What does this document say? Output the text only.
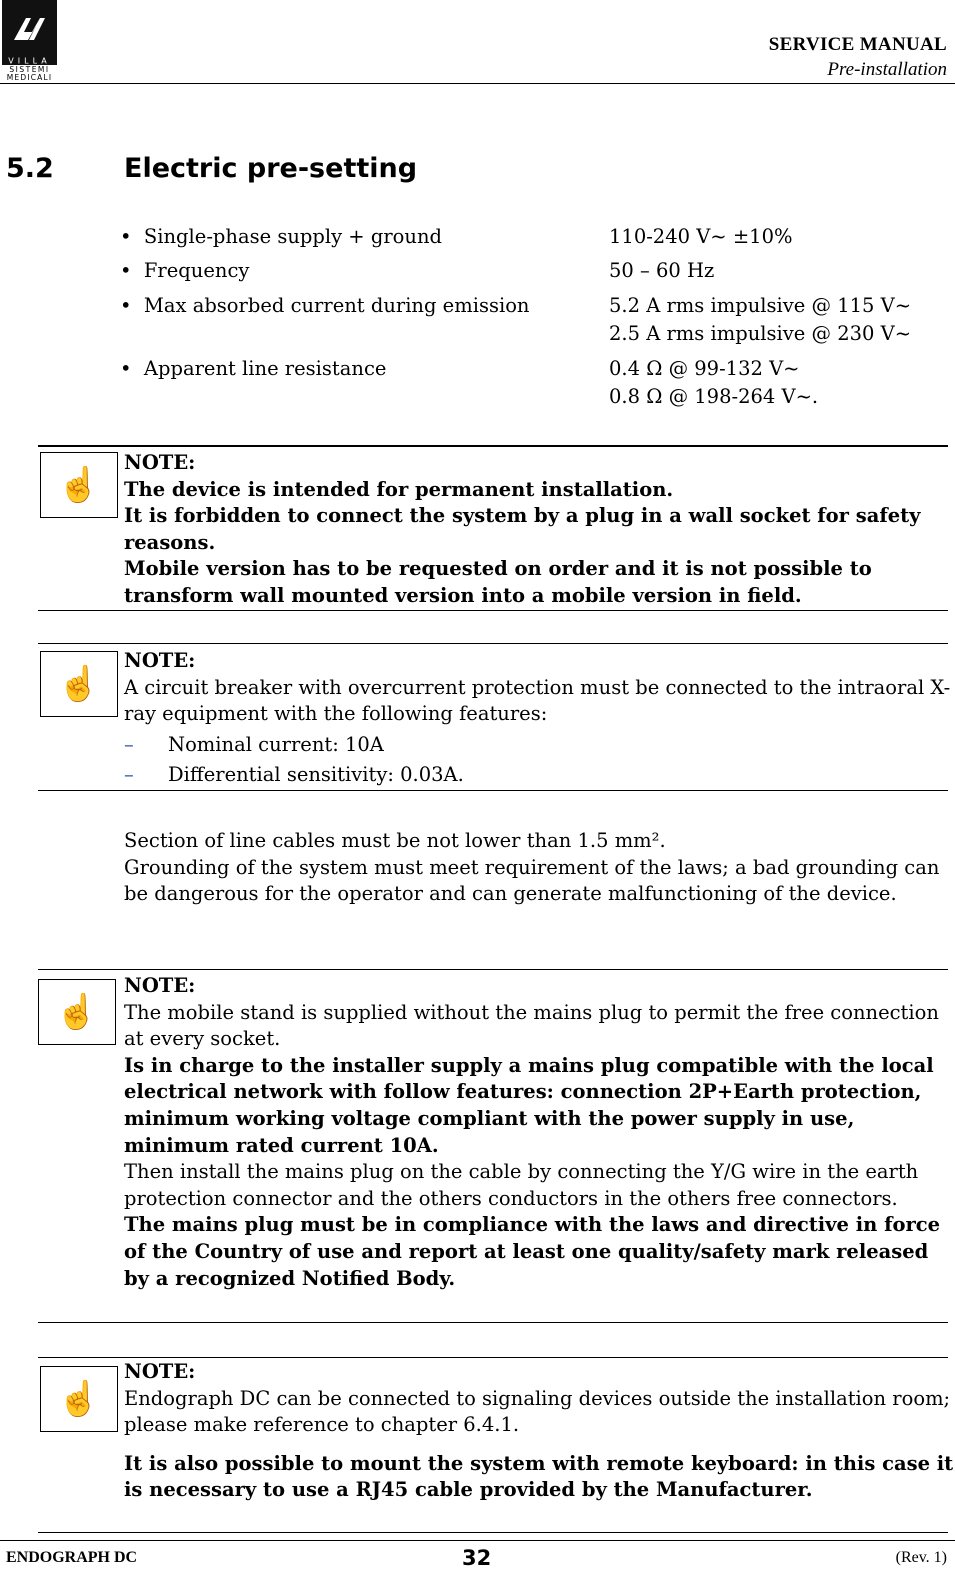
VILLA
SISTEMI
MEDICALI
SERVICE MANUAL
Pre-installation
5.2	Electric pre-setting
•  Single-phase supply + ground	110-240 V~ ±10%
•  Frequency	50 – 60 Hz
•  Max absorbed current during emission	5.2 A rms impulsive @ 115 V~
2.5 A rms impulsive @ 230 V~
•  Apparent line resistance	0.4 Ω @ 99-132 V~
0.8 Ω @ 198-264 V~.
☝
NOTE:
The device is intended for permanent installation.
It is forbidden to connect the system by a plug in a wall socket for safety reasons.
Mobile version has to be requested on order and it is not possible to transform wall mounted version into a mobile version in field.
☝
NOTE:
A circuit breaker with overcurrent protection must be connected to the intraoral X-ray equipment with the following features:
–	Nominal current: 10A
–	Differential sensitivity: 0.03A.
Section of line cables must be not lower than 1.5 mm².
Grounding of the system must meet requirement of the laws; a bad grounding can be dangerous for the operator and can generate malfunctioning of the device.
☝
NOTE:
The mobile stand is supplied without the mains plug to permit the free connection at every socket.
Is in charge to the installer supply a mains plug compatible with the local electrical network with follow features: connection 2P+Earth protection, minimum working voltage compliant with the power supply in use, minimum rated current 10A.
Then install the mains plug on the cable by connecting the Y/G wire in the earth protection connector and the others conductors in the others free connectors.
The mains plug must be in compliance with the laws and directive in force of the Country of use and report at least one quality/safety mark released by a recognized Notified Body.
☝
NOTE:
Endograph DC can be connected to signaling devices outside the installation room; please make reference to chapter 6.4.1.
It is also possible to mount the system with remote keyboard: in this case it is necessary to use a RJ45 cable provided by the Manufacturer.
ENDOGRAPH DC	32	(Rev. 1)
